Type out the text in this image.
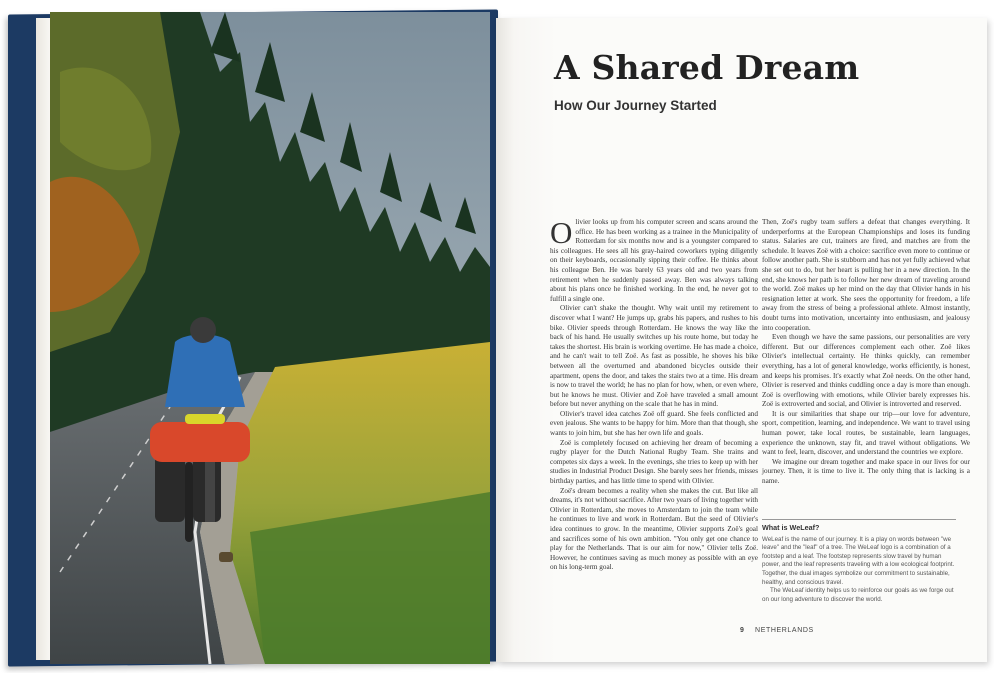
A Shared Dream
How Our Journey Started

Olivier looks up from his computer screen and scans around the office. He has been working as a trainee in the Municipality of Rotterdam for six months now and is a youngster compared to his colleagues. He sees all his gray-haired coworkers typing diligently on their keyboards, occasionally sipping their coffee. He thinks about his colleague Ben. He was barely 63 years old and two years from retirement when he suddenly passed away. Ben was always talking about his plans once he finished working. In the end, he never got to fulfill a single one.

Olivier can't shake the thought. Why wait until my retirement to discover what I want? He jumps up, grabs his papers, and rushes to his bike. Olivier speeds through Rotterdam. He knows the way like the back of his hand. He usually switches up his route home, but today he takes the shortest. His brain is working overtime. He has made a choice, and he can't wait to tell Zoë. As fast as possible, he shoves his bike between all the overturned and abandoned bicycles outside their apartment, opens the door, and takes the stairs two at a time. His dream is now to travel the world; he has no plan for how, when, or even where, but he knows he must. Olivier and Zoë have traveled a small amount before but never anything on the scale that he has in mind.

Olivier's travel idea catches Zoë off guard. She feels conflicted and even jealous. She wants to be happy for him. More than that though, she wants to join him, but she has her own life and goals.

Zoë is completely focused on achieving her dream of becoming a rugby player for the Dutch National Rugby Team. She trains and competes six days a week. In the evenings, she tries to keep up with her studies in Industrial Product Design. She barely sees her friends, misses birthday parties, and has little time to spend with Olivier.

Zoë's dream becomes a reality when she makes the cut. But like all dreams, it's not without sacrifice. After two years of living together with Olivier in Rotterdam, she moves to Amsterdam to join the team while he continues to live and work in Rotterdam. But the seed of Olivier's idea continues to grow. In the meantime, Olivier supports Zoë's goal and sacrifices some of his own ambition. "You only get one chance to play for the Netherlands. That is our aim for now," Olivier tells Zoë. However, he continues saving as much money as possible with an eye on his long-term goal.

Then, Zoë's rugby team suffers a defeat that changes everything. It underperforms at the European Championships and loses its funding status. Salaries are cut, trainers are fired, and matches are from the schedule. It leaves Zoë with a choice: sacrifice even more to continue or follow another path. She is stubborn and has not yet fully achieved what she set out to do, but her heart is pulling her in a new direction. In the end, she knows her path is to follow her new dream of traveling around the world. Zoë makes up her mind on the day that Olivier hands in his resignation letter at work. She sees the opportunity for freedom, a life away from the stress of being a professional athlete. Almost instantly, doubt turns into motivation, uncertainty into enthusiasm, and jealousy into cooperation.

Even though we have the same passions, our personalities are very different. But our differences complement each other. Zoë likes Olivier's intellectual certainty. He thinks quickly, can remember everything, has a lot of general knowledge, works efficiently, is honest, and keeps his promises. It's exactly what Zoë needs. On the other hand, Olivier is reserved and thinks cuddling once a day is more than enough. Zoë is overflowing with emotions, while Olivier barely expresses his. Zoë is extroverted and social, and Olivier is introverted and reserved.

It is our similarities that shape our trip—our love for adventure, sport, competition, learning, and independence. We want to travel using human power, take local routes, be sustainable, learn languages, experience the unknown, stay fit, and travel without obligations. We want to feel, learn, discover, and understand the countries we explore.

We imagine our dream together and make space in our lives for our journey. Then, it is time to live it. The only thing that is lacking is a name.

What is WeLeaf?

WeLeaf is the name of our journey. It is a play on words between "we leave" and the "leaf" of a tree. The WeLeaf logo is a combination of a footstep and a leaf. The footstep represents slow travel by human power, and the leaf represents traveling with a low ecological footprint. Together, the dual images symbolize our commitment to sustainable, healthy, and conscious travel.

The WeLeaf identity helps us to reinforce our goals as we forge out on our long adventure to discover the world.

9 NETHERLANDS
